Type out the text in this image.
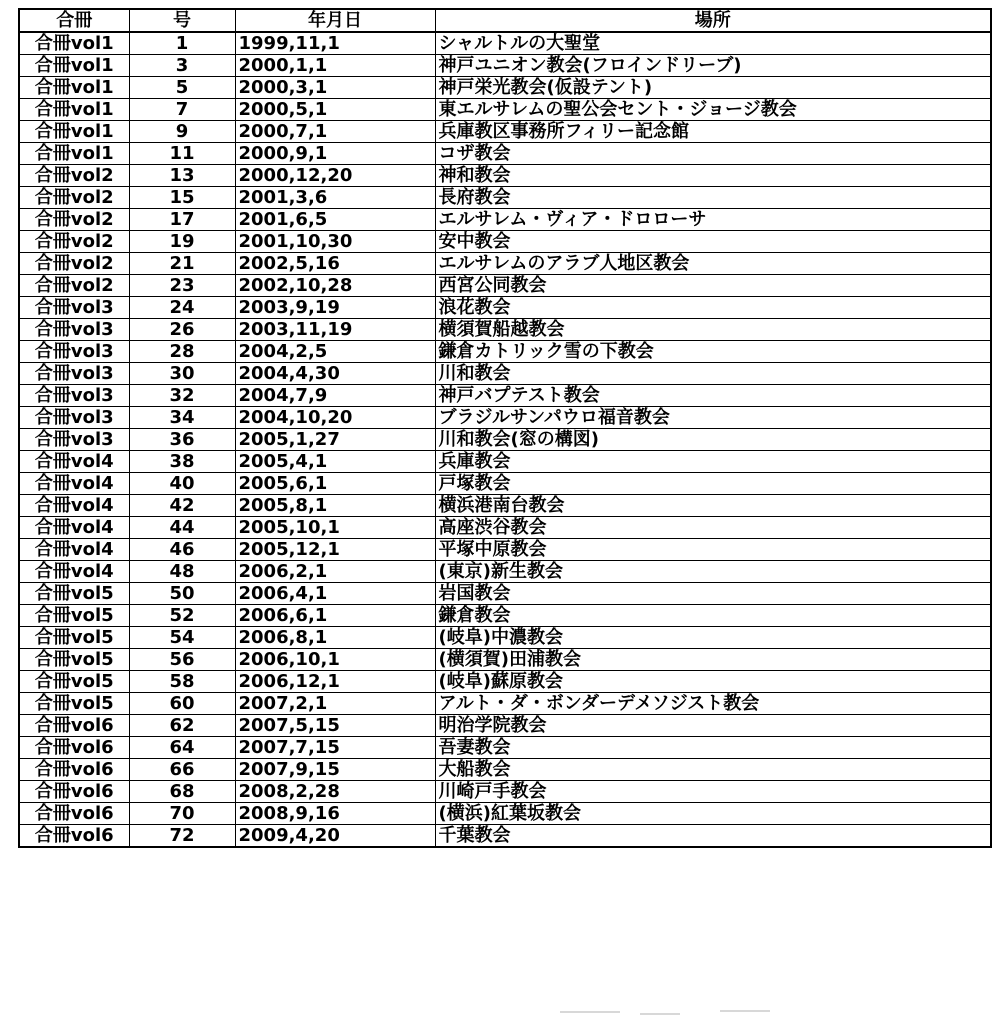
合冊	号	年月日	場所
合冊vol1	1	1999,11,1	シャルトルの大聖堂
合冊vol1	3	2000,1,1	神戸ユニオン教会(フロインドリーブ)
合冊vol1	5	2000,3,1	神戸栄光教会(仮設テント)
合冊vol1	7	2000,5,1	東エルサレムの聖公会セント・ジョージ教会
合冊vol1	9	2000,7,1	兵庫教区事務所フィリー記念館
合冊vol1	11	2000,9,1	コザ教会
合冊vol2	13	2000,12,20	神和教会
合冊vol2	15	2001,3,6	長府教会
合冊vol2	17	2001,6,5	エルサレム・ヴィア・ドロローサ
合冊vol2	19	2001,10,30	安中教会
合冊vol2	21	2002,5,16	エルサレムのアラブ人地区教会
合冊vol2	23	2002,10,28	西宮公同教会
合冊vol3	24	2003,9,19	浪花教会
合冊vol3	26	2003,11,19	横須賀船越教会
合冊vol3	28	2004,2,5	鎌倉カトリック雪の下教会
合冊vol3	30	2004,4,30	川和教会
合冊vol3	32	2004,7,9	神戸バプテスト教会
合冊vol3	34	2004,10,20	ブラジルサンパウロ福音教会
合冊vol3	36	2005,1,27	川和教会(窓の構図)
合冊vol4	38	2005,4,1	兵庫教会
合冊vol4	40	2005,6,1	戸塚教会
合冊vol4	42	2005,8,1	横浜港南台教会
合冊vol4	44	2005,10,1	高座渋谷教会
合冊vol4	46	2005,12,1	平塚中原教会
合冊vol4	48	2006,2,1	(東京)新生教会
合冊vol5	50	2006,4,1	岩国教会
合冊vol5	52	2006,6,1	鎌倉教会
合冊vol5	54	2006,8,1	(岐阜)中濃教会
合冊vol5	56	2006,10,1	(横須賀)田浦教会
合冊vol5	58	2006,12,1	(岐阜)蘇原教会
合冊vol5	60	2007,2,1	アルト・ダ・ボンダーデメソジスト教会
合冊vol6	62	2007,5,15	明治学院教会
合冊vol6	64	2007,7,15	吾妻教会
合冊vol6	66	2007,9,15	大船教会
合冊vol6	68	2008,2,28	川崎戸手教会
合冊vol6	70	2008,9,16	(横浜)紅葉坂教会
合冊vol6	72	2009,4,20	千葉教会
